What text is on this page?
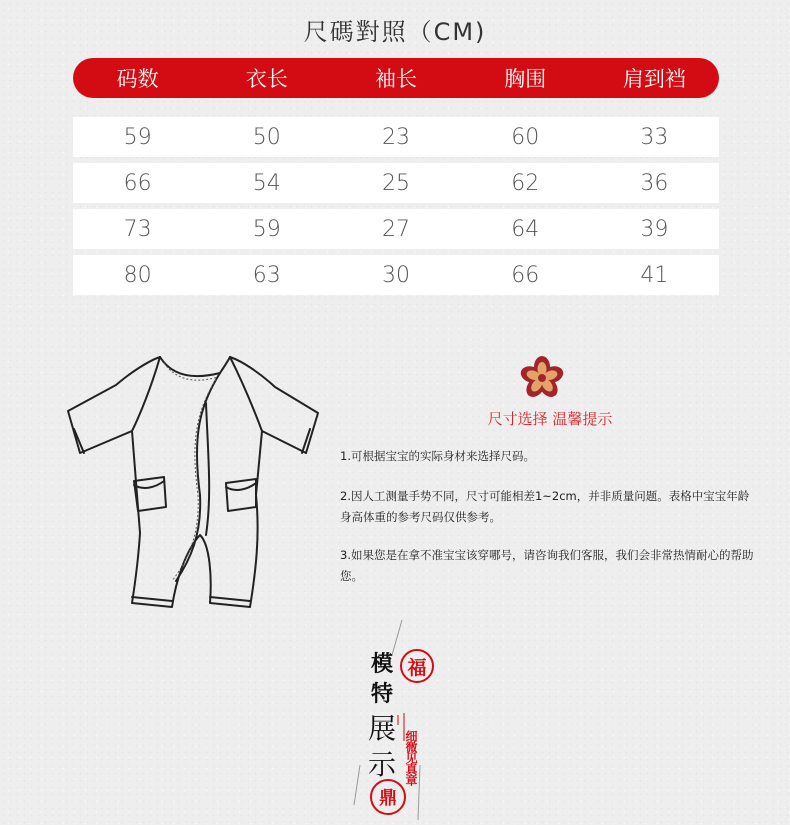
尺碼對照（CM)
码数	衣长	袖长	胸围	肩到裆
59	50	23	60	33
66	54	25	62	36
73	59	27	64	39
80	63	30	66	41
尺寸选择 温馨提示
1.可根据宝宝的实际身材来选择尺码。
2.因人工测量手势不同，尺寸可能相差1~2cm，并非质量问题。表格中宝宝年龄身高体重的参考尺码仅供参考。
3.如果您是在拿不准宝宝该穿哪号，请咨询我们客服，我们会非常热情耐心的帮助您。
模
特
展
示
福
鼎
细微见真章
